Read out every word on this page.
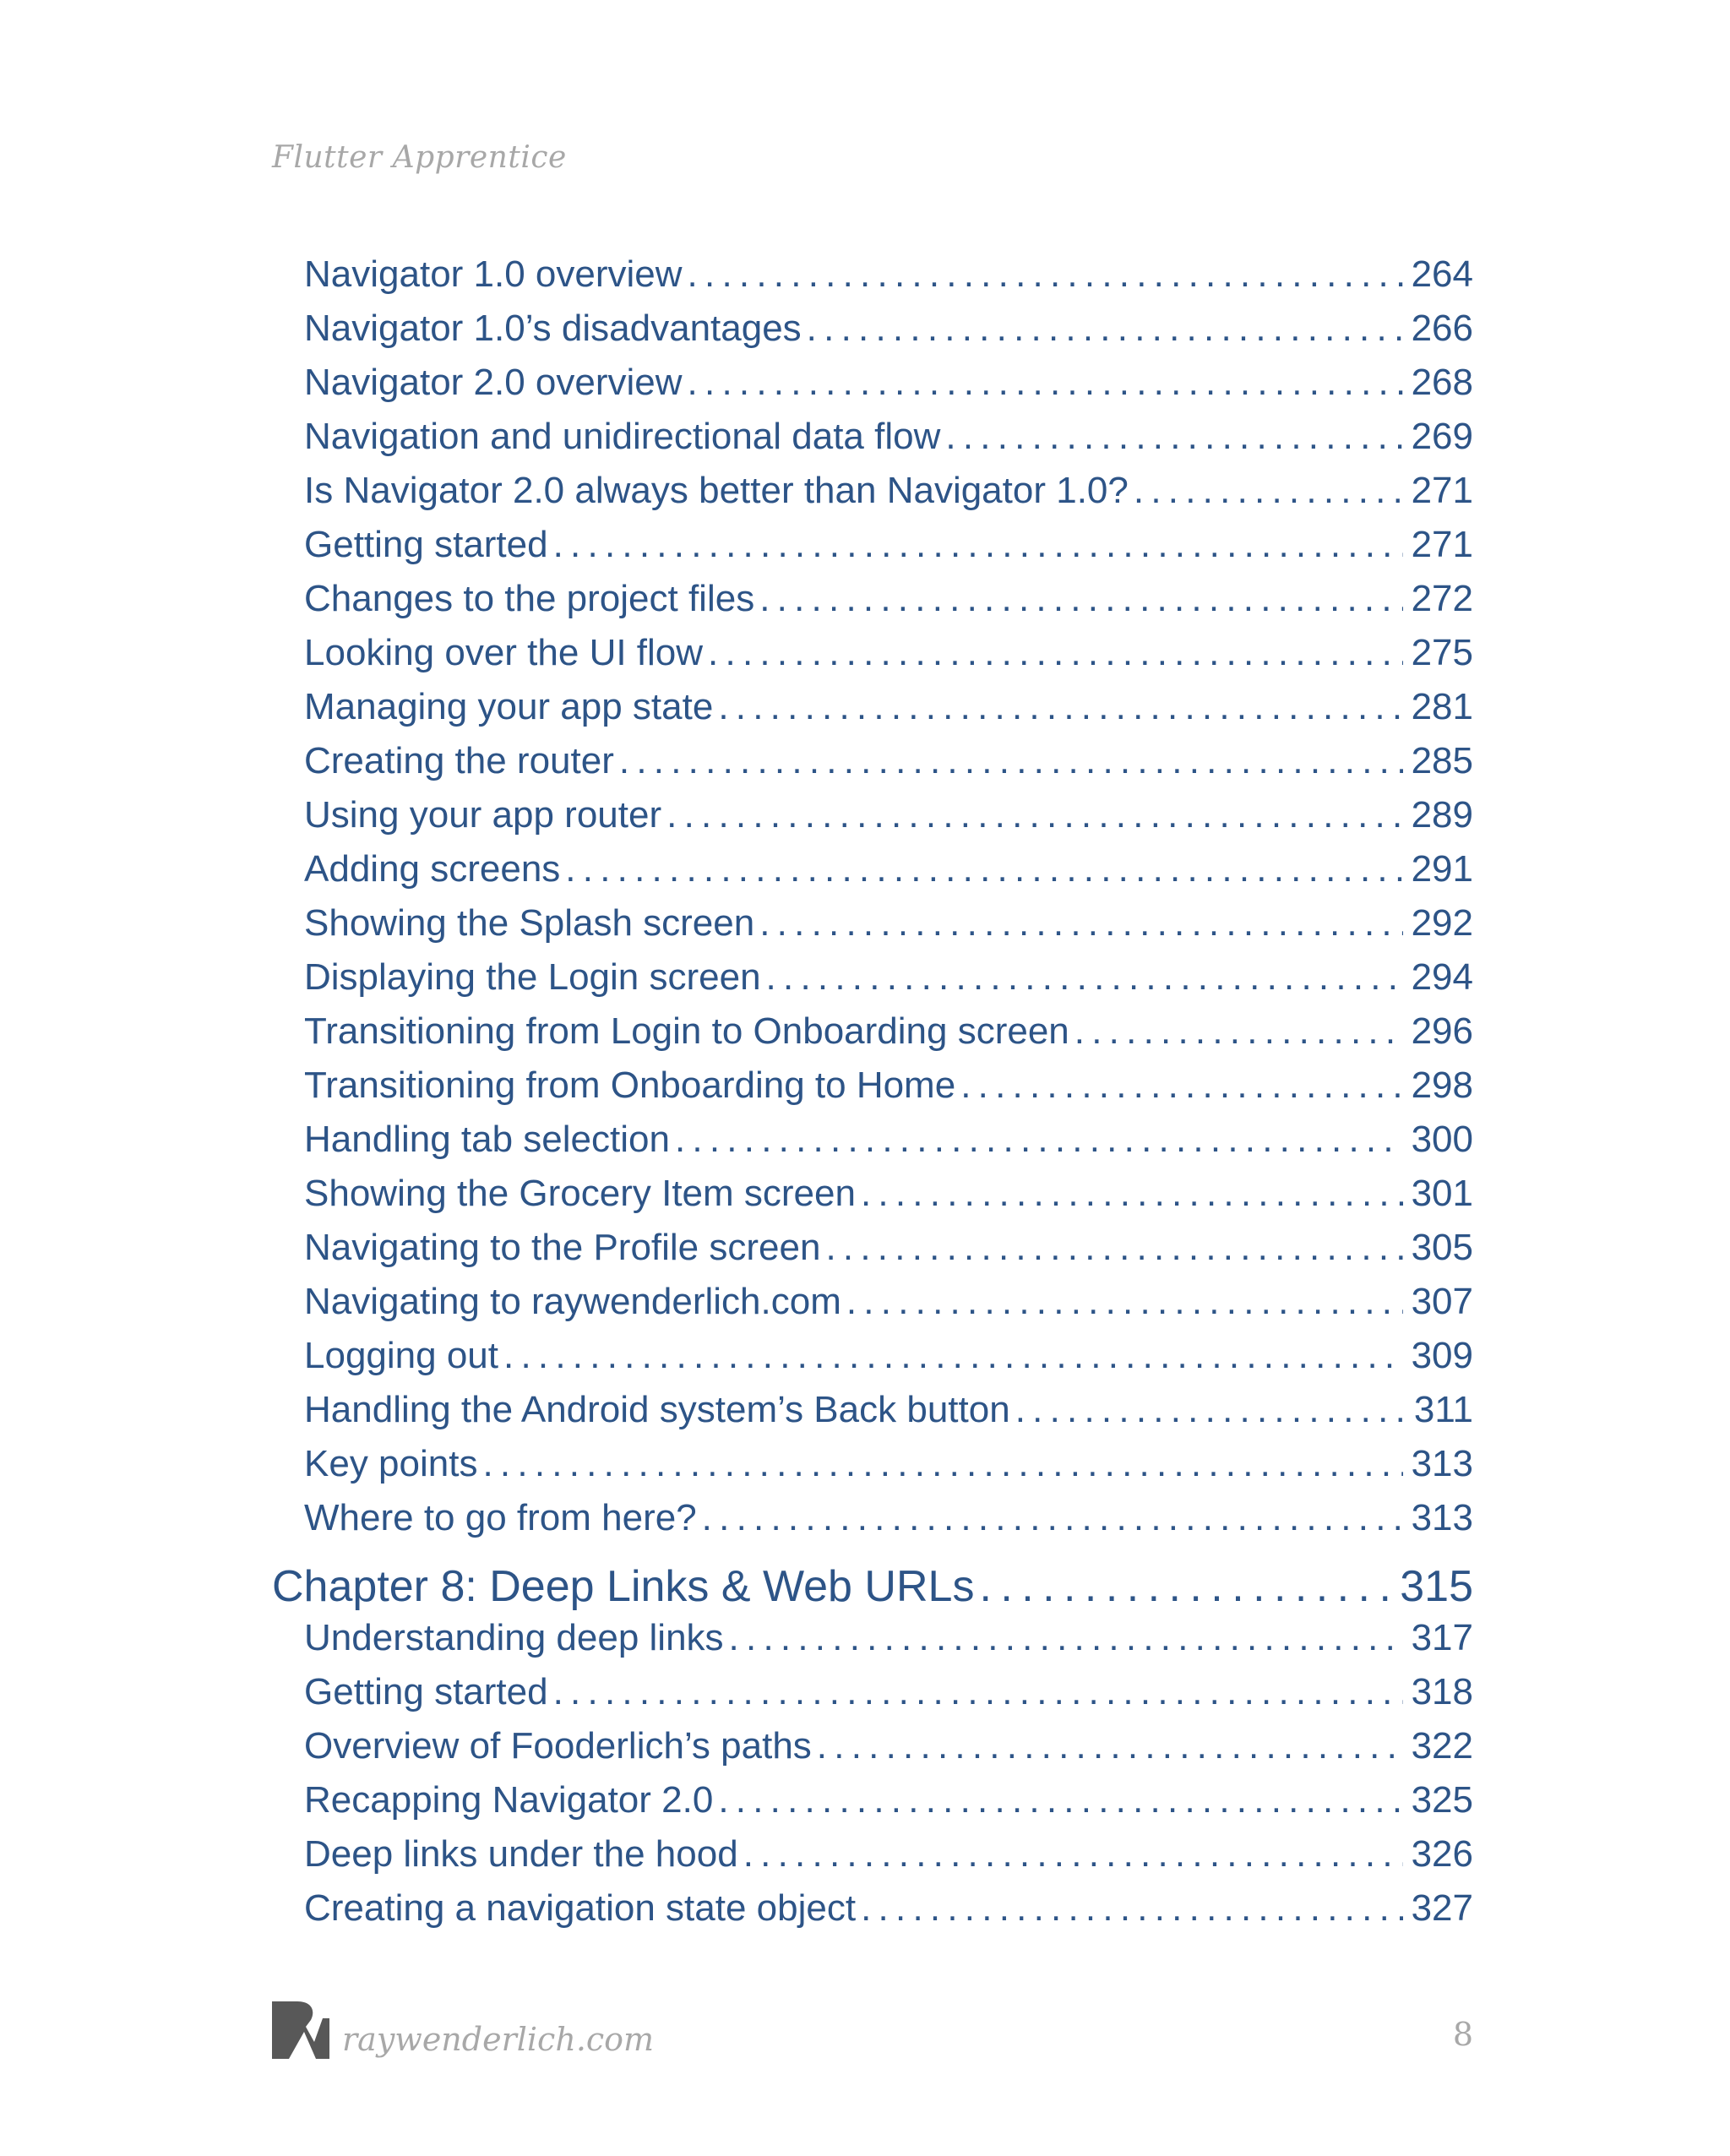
Flutter Apprentice
Navigator 1.0 overview . . .	264
Navigator 1.0’s disadvantages . . .	266
Navigator 2.0 overview . . .	268
Navigation and unidirectional data flow . . .	269
Is Navigator 2.0 always better than Navigator 1.0? . . .	271
Getting started . . .	271
Changes to the project files . . .	272
Looking over the UI flow . . .	275
Managing your app state . . .	281
Creating the router . . .	285
Using your app router . . .	289
Adding screens . . .	291
Showing the Splash screen . . .	292
Displaying the Login screen . . .	294
Transitioning from Login to Onboarding screen . . .	296
Transitioning from Onboarding to Home . . .	298
Handling tab selection . . .	300
Showing the Grocery Item screen . . .	301
Navigating to the Profile screen . . .	305
Navigating to raywenderlich.com . . .	307
Logging out . . .	309
Handling the Android system’s Back button . . .	311
Key points . . .	313
Where to go from here? . . .	313
Chapter 8: Deep Links & Web URLs . . .	315
Understanding deep links . . .	317
Getting started . . .	318
Overview of Fooderlich’s paths . . .	322
Recapping Navigator 2.0 . . .	325
Deep links under the hood . . .	326
Creating a navigation state object . . .	327
raywenderlich.com	8
